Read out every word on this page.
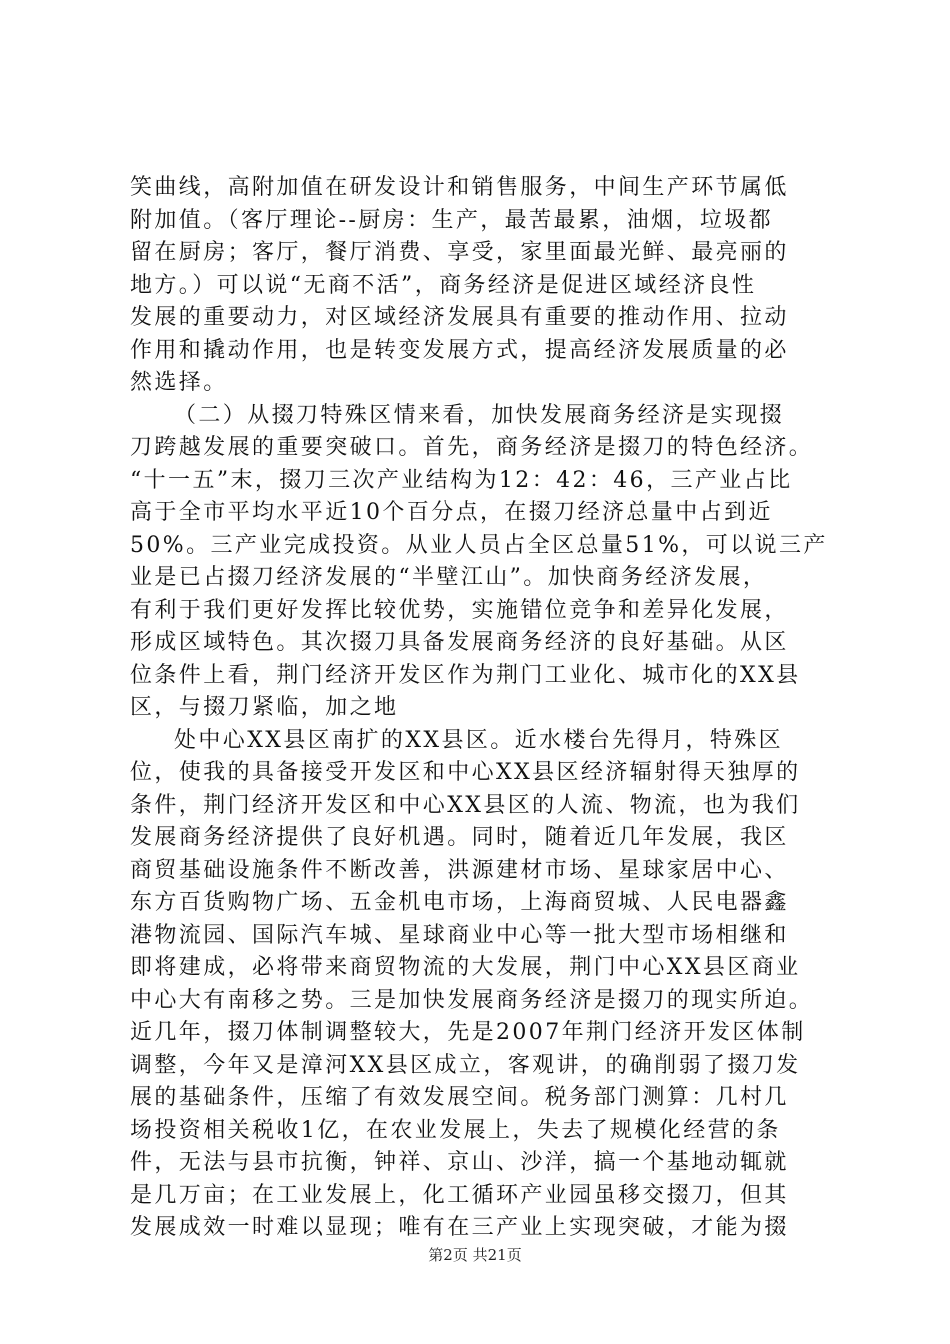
笑曲线，高附加值在研发设计和销售服务，中间生产环节属低
附加值。（客厅理论--厨房：生产，最苦最累，油烟，垃圾都
留在厨房；客厅，餐厅消费、享受，家里面最光鲜、最亮丽的
地方。）可以说“无商不活”，商务经济是促进区域经济良性
发展的重要动力，对区域经济发展具有重要的推动作用、拉动
作用和撬动作用，也是转变发展方式，提高经济发展质量的必
然选择。
（二）从掇刀特殊区情来看，加快发展商务经济是实现掇
刀跨越发展的重要突破口。首先，商务经济是掇刀的特色经济。
“十一五”末，掇刀三次产业结构为12：42：46，三产业占比
高于全市平均水平近10个百分点，在掇刀经济总量中占到近
50%。三产业完成投资。从业人员占全区总量51%，可以说三产
业是已占掇刀经济发展的“半壁江山”。加快商务经济发展，
有利于我们更好发挥比较优势，实施错位竞争和差异化发展，
形成区域特色。其次掇刀具备发展商务经济的良好基础。从区
位条件上看，荆门经济开发区作为荆门工业化、城市化的XX县
区，与掇刀紧临，加之地
处中心XX县区南扩的XX县区。近水楼台先得月，特殊区
位，使我的具备接受开发区和中心XX县区经济辐射得天独厚的
条件，荆门经济开发区和中心XX县区的人流、物流，也为我们
发展商务经济提供了良好机遇。同时，随着近几年发展，我区
商贸基础设施条件不断改善，洪源建材市场、星球家居中心、
东方百货购物广场、五金机电市场，上海商贸城、人民电器鑫
港物流园、国际汽车城、星球商业中心等一批大型市场相继和
即将建成，必将带来商贸物流的大发展，荆门中心XX县区商业
中心大有南移之势。三是加快发展商务经济是掇刀的现实所迫。
近几年，掇刀体制调整较大，先是2007年荆门经济开发区体制
调整，今年又是漳河XX县区成立，客观讲，的确削弱了掇刀发
展的基础条件，压缩了有效发展空间。税务部门测算：几村几
场投资相关税收1亿，在农业发展上，失去了规模化经营的条
件，无法与县市抗衡，钟祥、京山、沙洋，搞一个基地动辄就
是几万亩；在工业发展上，化工循环产业园虽移交掇刀，但其
发展成效一时难以显现；唯有在三产业上实现突破，才能为掇
第2页 共21页
